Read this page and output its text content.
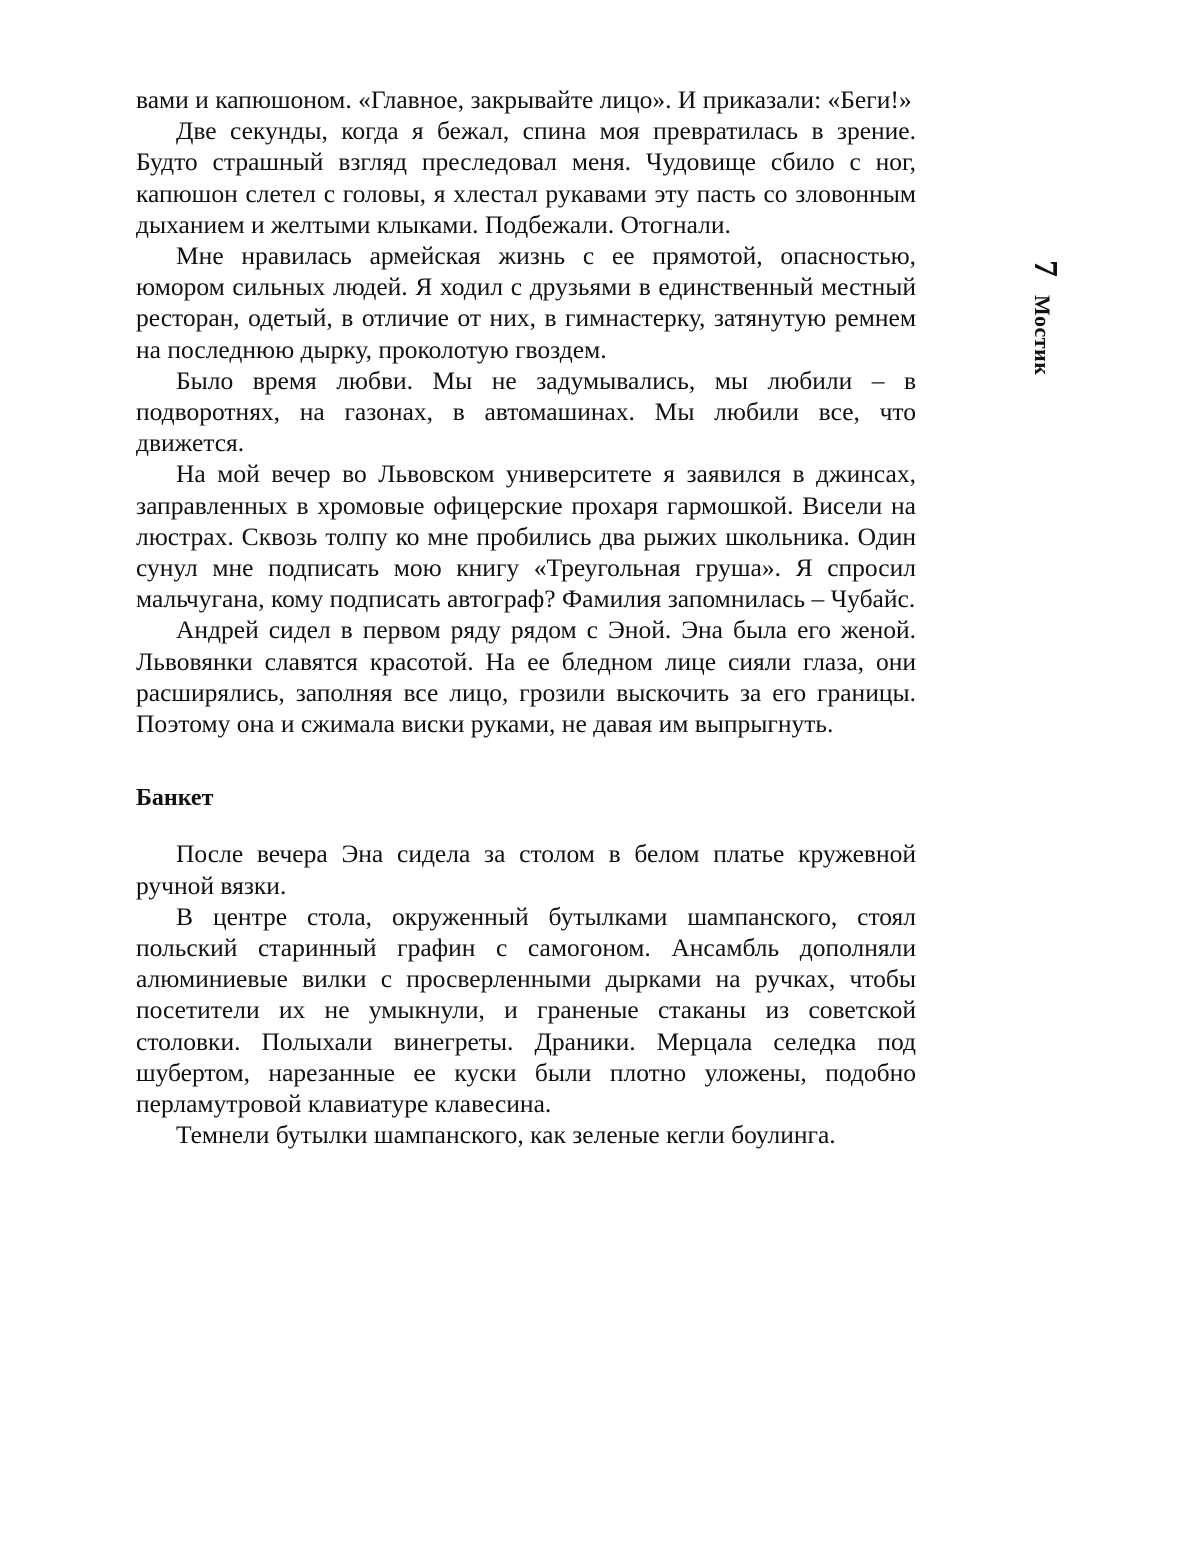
7 Мостик

вами и капюшоном. «Главное, закрывайте лицо». И приказали: «Беги!»

Две секунды, когда я бежал, спина моя превратилась в зрение. Будто страшный взгляд преследовал меня. Чудовище сбило с ног, капюшон слетел с головы, я хлестал рукавами эту пасть со зловонным дыханием и желтыми клыками. Подбежали. Отогнали.

Мне нравилась армейская жизнь с ее прямотой, опасностью, юмором сильных людей. Я ходил с друзьями в единственный местный ресторан, одетый, в отличие от них, в гимнастерку, затянутую ремнем на последнюю дырку, проколотую гвоздем.

Было время любви. Мы не задумывались, мы любили – в подворотнях, на газонах, в автомашинах. Мы любили все, что движется.

На мой вечер во Львовском университете я заявился в джинсах, заправленных в хромовые офицерские прохаря гармошкой. Висели на люстрах. Сквозь толпу ко мне пробились два рыжих школьника. Один сунул мне подписать мою книгу «Треугольная груша». Я спросил мальчугана, кому подписать автограф? Фамилия запомнилась – Чубайс.

Андрей сидел в первом ряду рядом с Эной. Эна была его женой. Львовянки славятся красотой. На ее бледном лице сияли глаза, они расширялись, заполняя все лицо, грозили выскочить за его границы. Поэтому она и сжимала виски руками, не давая им выпрыгнуть.

Банкет

После вечера Эна сидела за столом в белом платье кружевной ручной вязки.

В центре стола, окруженный бутылками шампанского, стоял польский старинный графин с самогоном. Ансамбль дополняли алюминиевые вилки с просверленными дырками на ручках, чтобы посетители их не умыкнули, и граненые стаканы из советской столовки. Полыхали винегреты. Драники. Мерцала селедка под шубертом, нарезанные ее куски были плотно уложены, подобно перламутровой клавиатуре клавесина.

Темнели бутылки шампанского, как зеленые кегли боулинга.
